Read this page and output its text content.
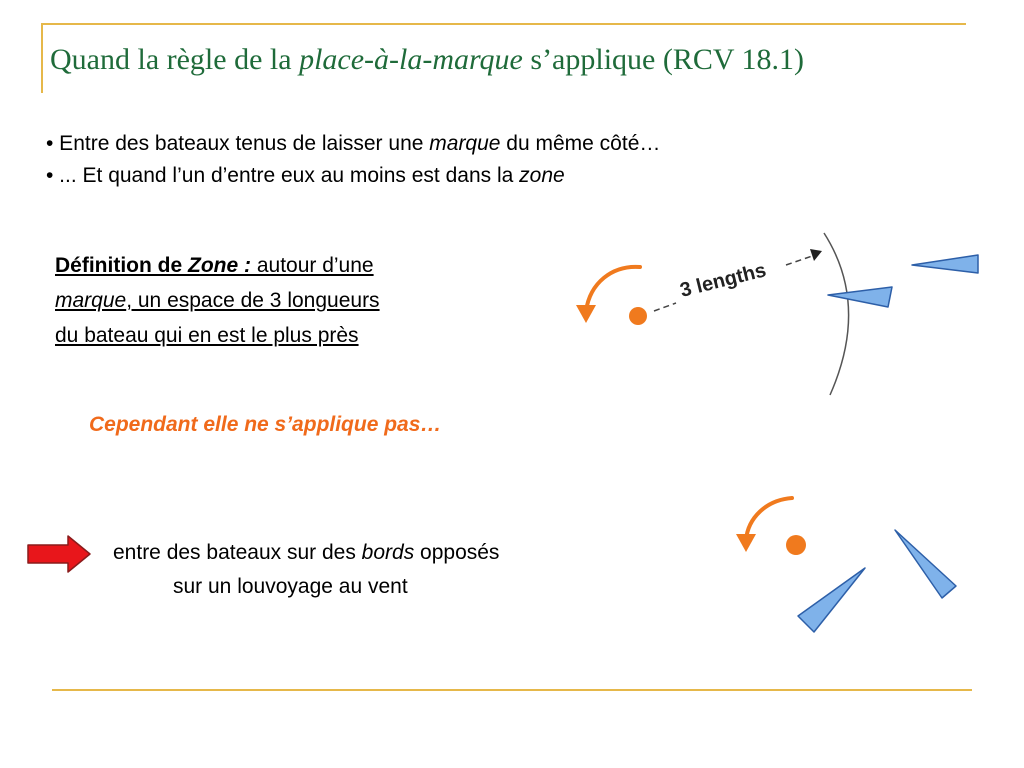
Quand la règle de la place-à-la-marque s’applique (RCV 18.1)
• Entre des bateaux tenus de laisser une marque du même côté…
• ... Et quand l’un d’entre eux au moins est dans la zone
Définition de Zone : autour d’une
marque, un espace de 3 longueurs
du bateau qui en est le plus près
3 lengths
Cependant elle ne s’applique pas…
entre des bateaux sur des bords opposés
sur un louvoyage au vent
